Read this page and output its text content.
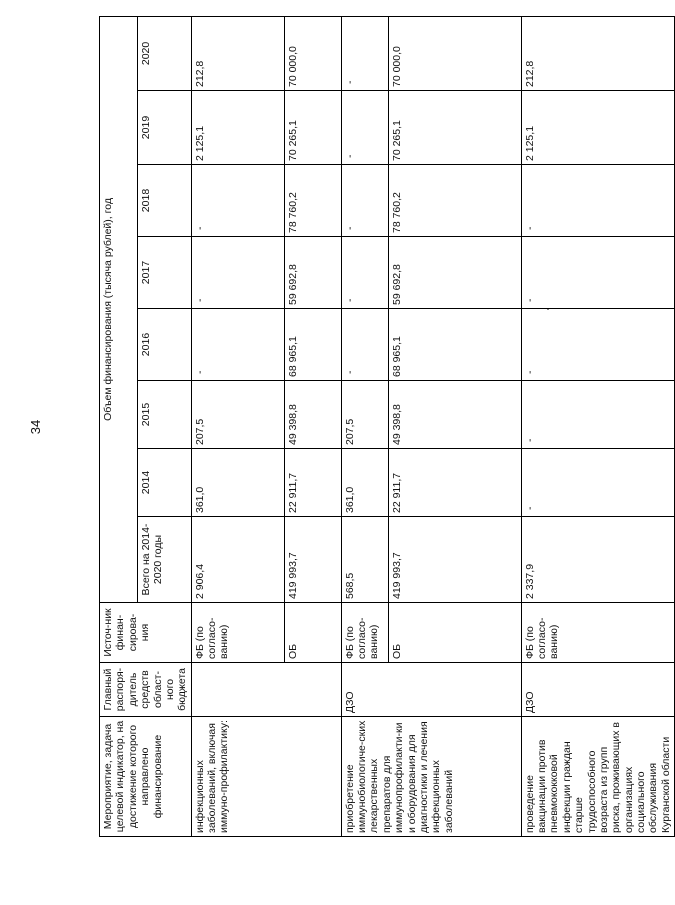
34
Мероприятие, задача целевой индикатор, на достижение которого направлено финансирование	Главный распоря-дитель средств област-ного бюджета	Источ-ник финан-сирова-ния	Объем финансирования (тысяча рублей), год							
			Всего на 2014-2020 годы	2014	2015	2016	2017	2018	2019	2020
инфекционных заболеваний, включая иммуно-профилактику:		ФБ (по согласо-ванию)	2 906,4	361,0	207,5	-	-	-	2 125,1	212,8
		ОБ	419 993,7	22 911,7	49 398,8	68 965,1	59 692,8	78 760,2	70 265,1	70 000,0
приобретение иммунобиологиче-ских лекарственных препаратов для иммунопрофилакти-ки и оборудования для диагностики и лечения инфекционных заболеваний	ДЗО	ФБ (по согласо-ванию)	568,5	361,0	207,5	-	-	-	-	-
		ОБ	419 993,7	22 911,7	49 398,8	68 965,1	59 692,8	78 760,2	70 265,1	70 000,0
проведение вакцинации против пневмококковой инфекции граждан старше трудоспособного возраста из групп риска, проживающих в организациях социального обслуживания Курганской области	ДЗО	ФБ (по согласо-ванию)	2 337,9	-	-	-	-	-	2 125,1	212,8
